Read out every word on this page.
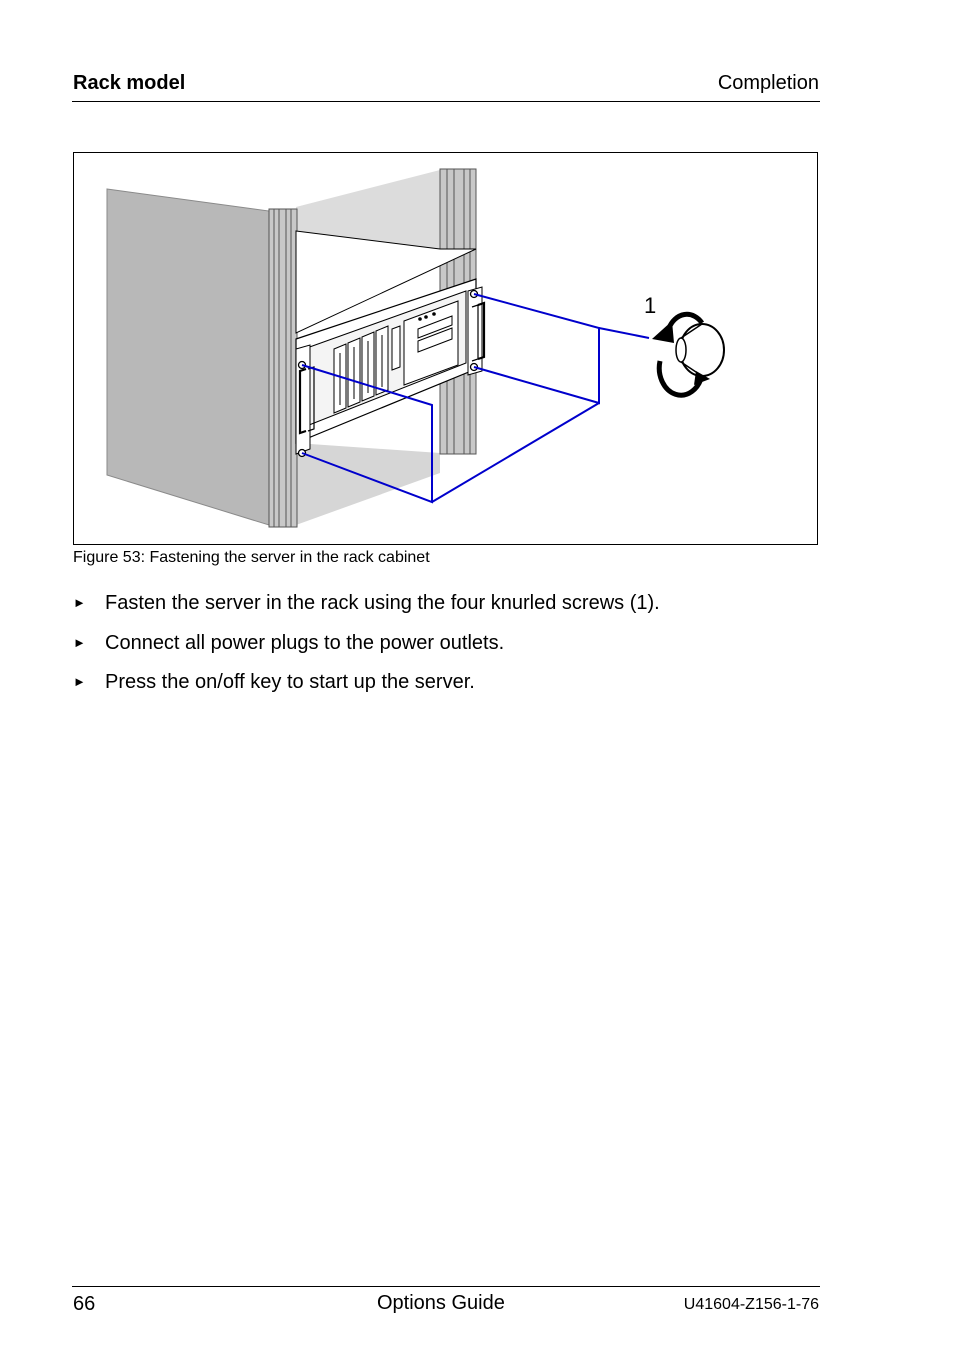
Rack model	Completion
1
Figure 53: Fastening the server in the rack cabinet
► Fasten the server in the rack using the four knurled screws (1).
► Connect all power plugs to the power outlets.
► Press the on/off key to start up the server.
66	Options Guide	U41604-Z156-1-76
